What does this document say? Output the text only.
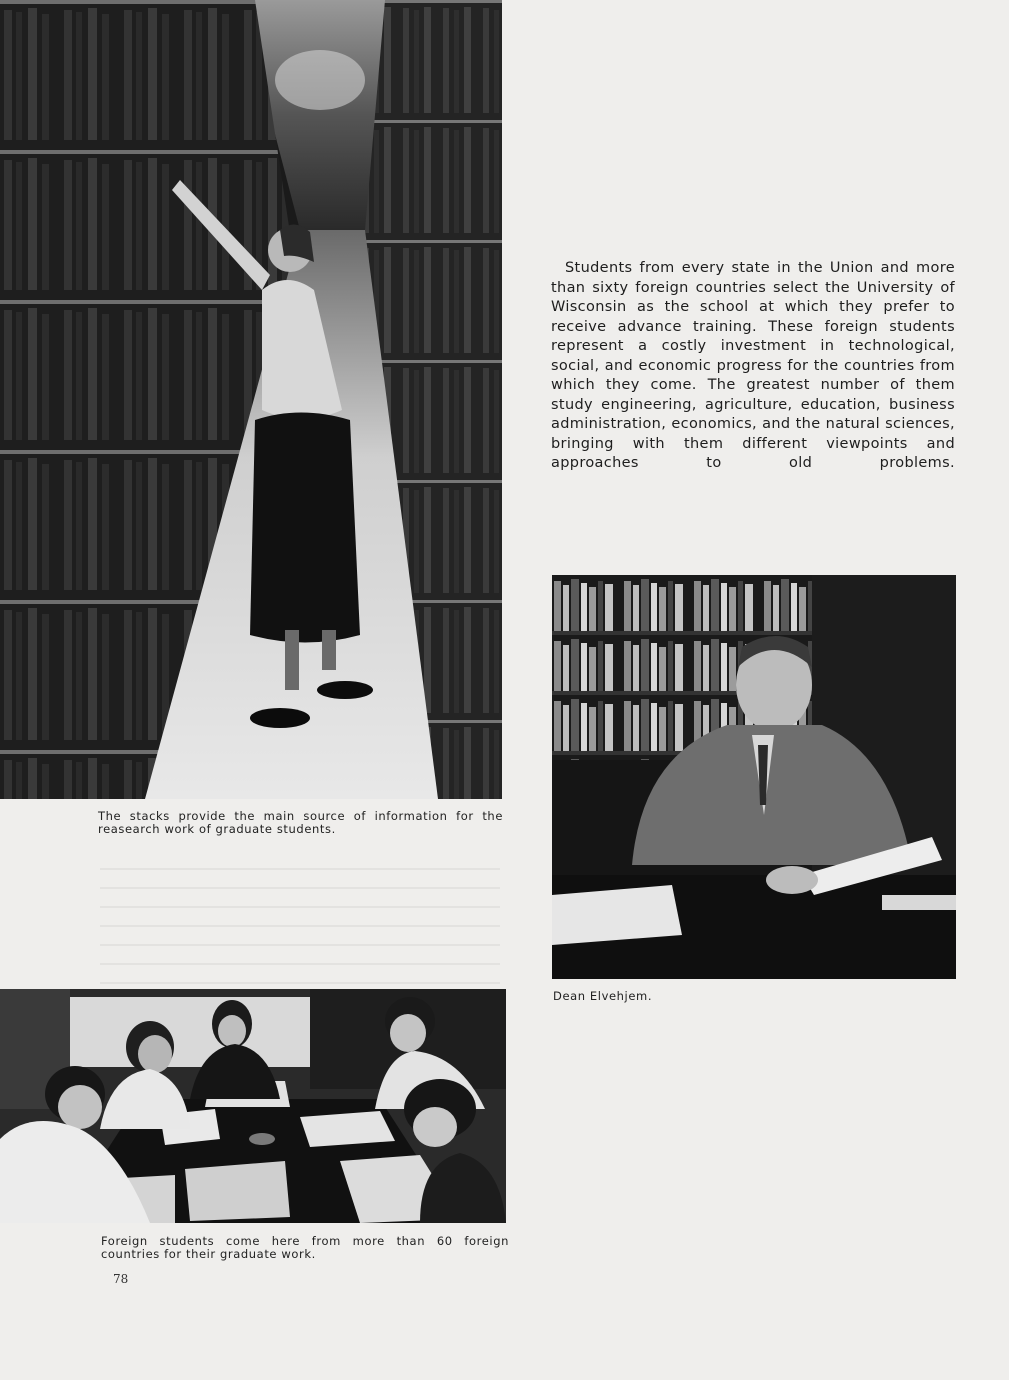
The stacks provide the main source of information for the reasearch work of graduate students.
Students from every state in the Union and more than sixty foreign countries select the University of Wisconsin as the school at which they prefer to receive advance training. These foreign students represent a costly investment in technological, social, and economic progress for the countries from which they come. The greatest number of them study engineering, agriculture, education, business administration, economics, and the natural sciences, bringing with them different viewpoints and approaches to old problems.
Dean Elvehjem.
Foreign students come here from more than 60 foreign countries for their graduate work.
78
